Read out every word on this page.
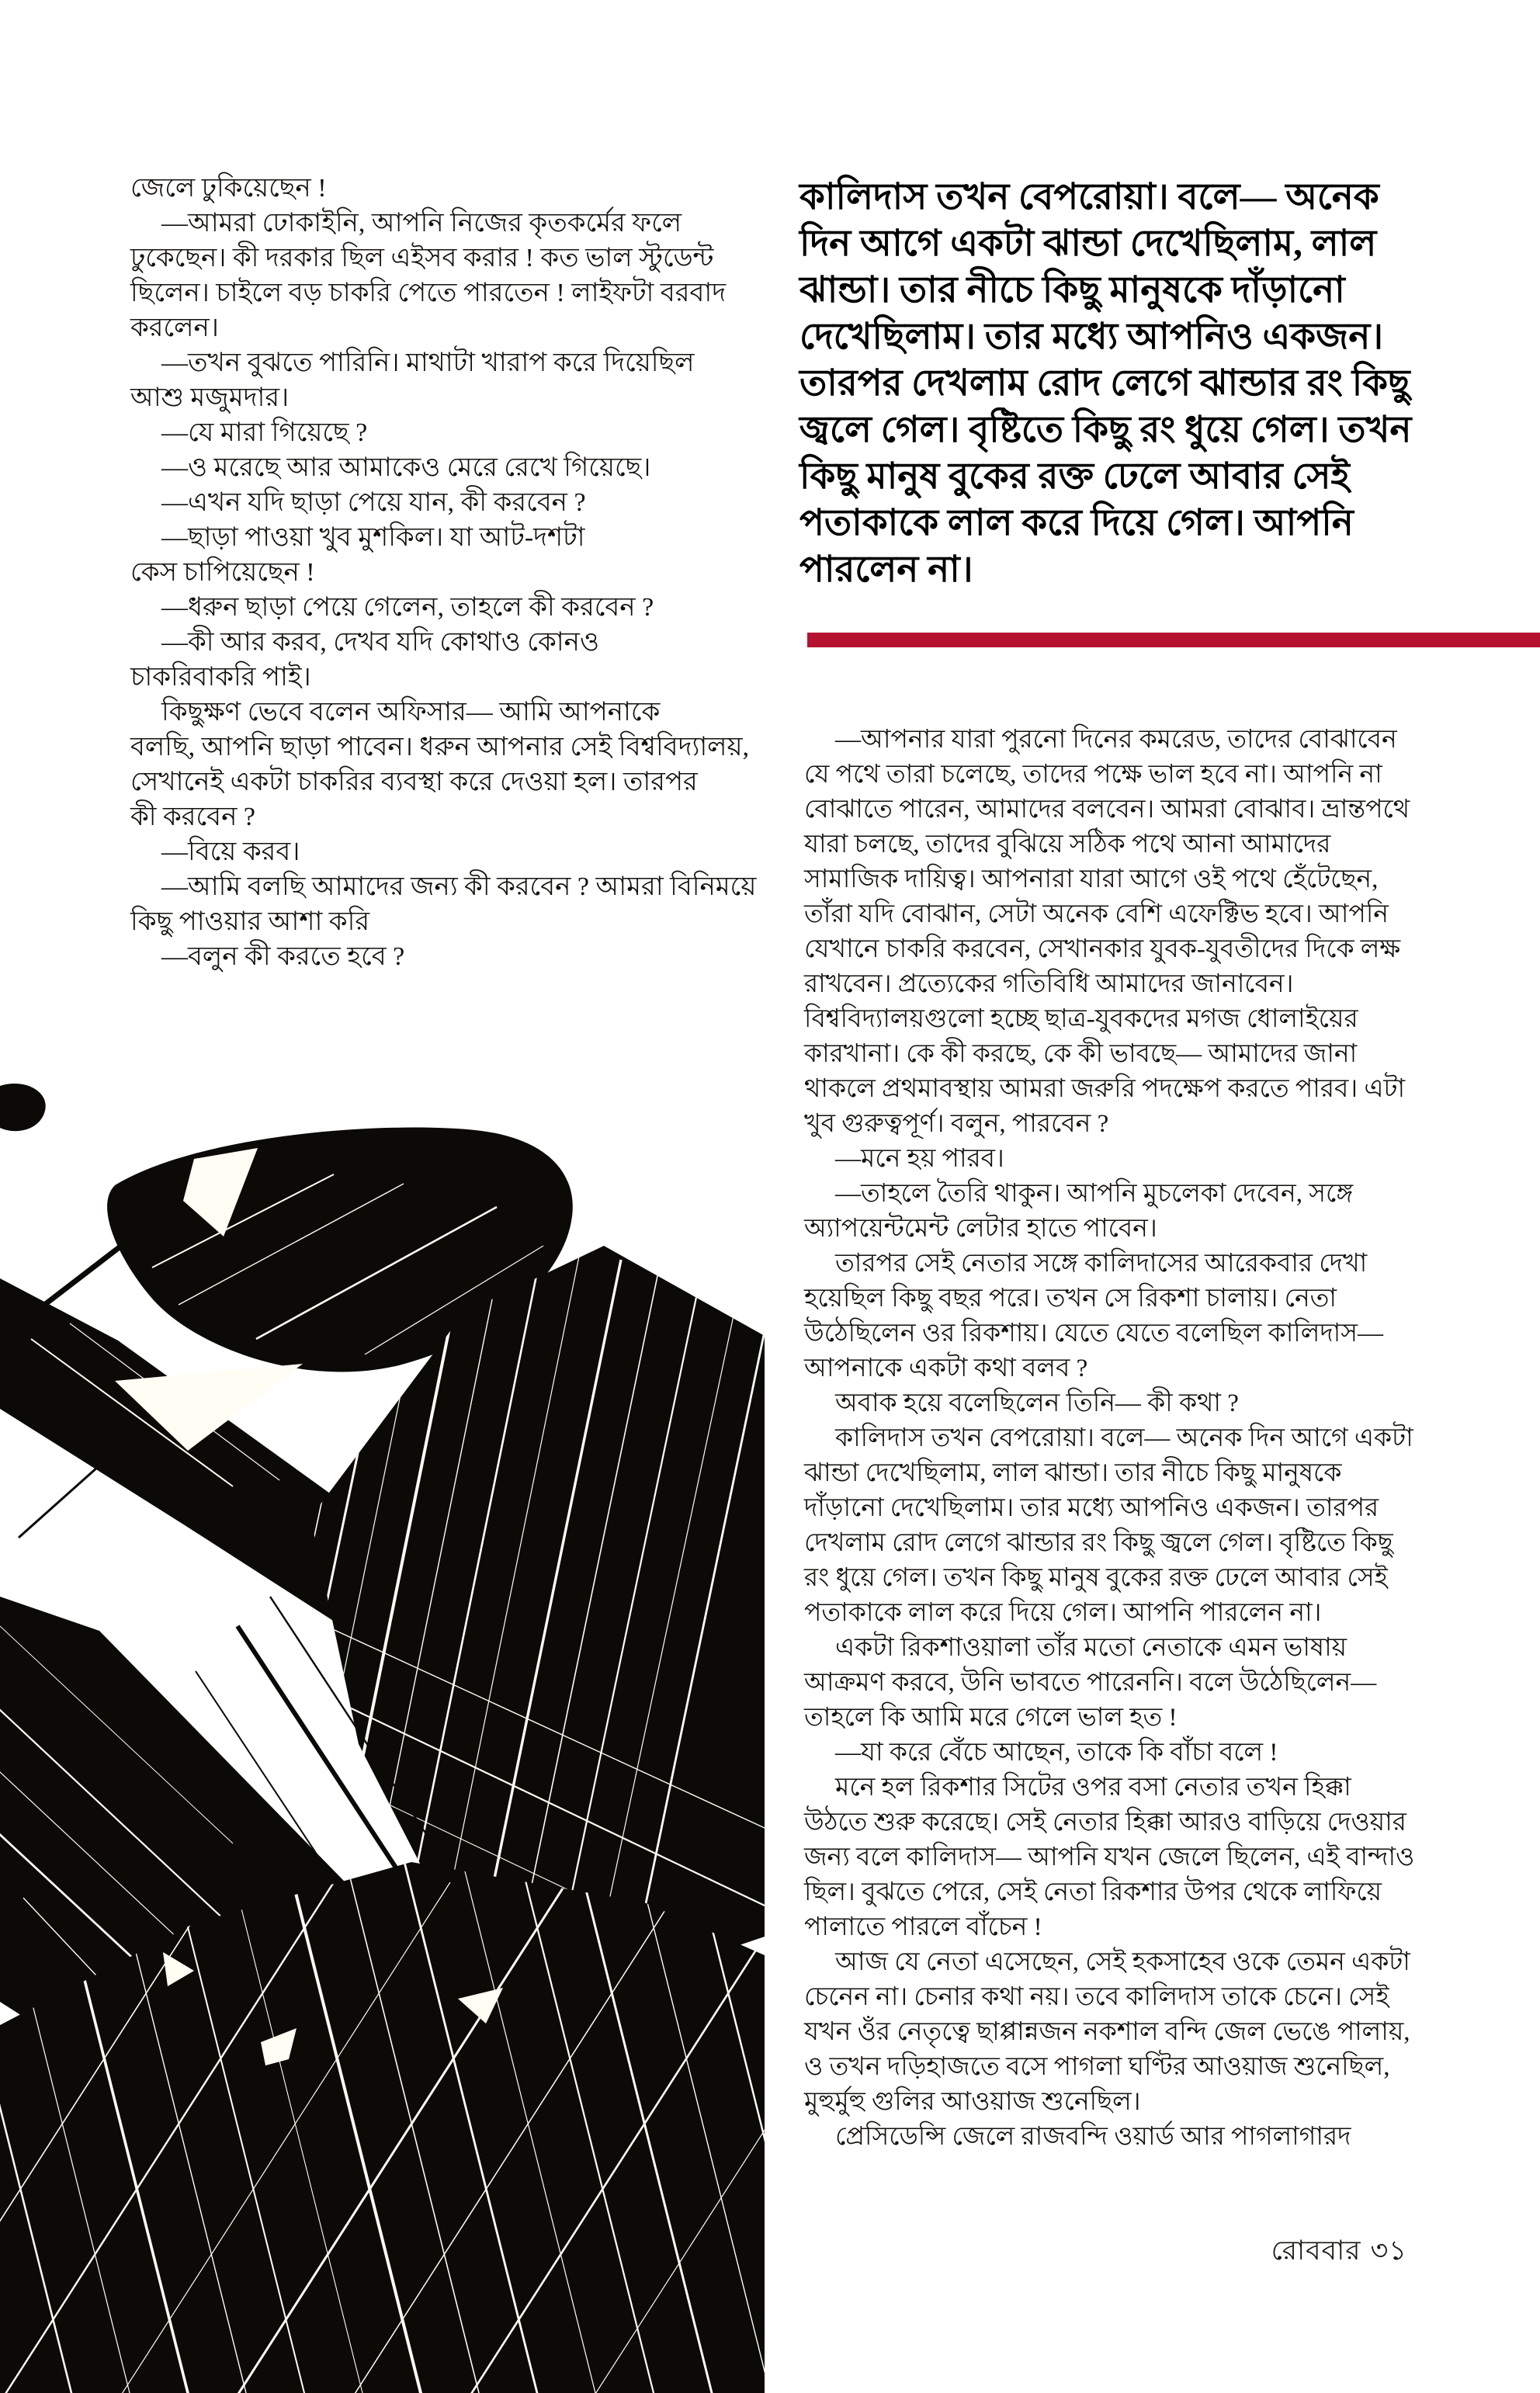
জেলে ঢুকিয়েছেন !

—আমরা ঢোকাইনি, আপনি নিজের কৃতকর্মের ফলে

ঢুকেছেন। কী দরকার ছিল এইসব করার ! কত ভাল স্টুডেন্ট

ছিলেন। চাইলে বড় চাকরি পেতে পারতেন ! লাইফটা বরবাদ

করলেন।

—তখন বুঝতে পারিনি। মাথাটা খারাপ করে দিয়েছিল

আশু মজুমদার।

—যে মারা গিয়েছে ?

—ও মরেছে আর আমাকেও মেরে রেখে গিয়েছে।

—এখন যদি ছাড়া পেয়ে যান, কী করবেন ?

—ছাড়া পাওয়া খুব মুশকিল। যা আট-দশটা

কেস চাপিয়েছেন !

—ধরুন ছাড়া পেয়ে গেলেন, তাহলে কী করবেন ?

—কী আর করব, দেখব যদি কোথাও কোনও

চাকরিবাকরি পাই।

কিছুক্ষণ ভেবে বলেন অফিসার— আমি আপনাকে

বলছি, আপনি ছাড়া পাবেন। ধরুন আপনার সেই বিশ্ববিদ্যালয়,

সেখানেই একটা চাকরির ব্যবস্থা করে দেওয়া হল। তারপর

কী করবেন ?

—বিয়ে করব।

—আমি বলছি আমাদের জন্য কী করবেন ? আমরা বিনিময়ে

কিছু পাওয়ার আশা করি

—বলুন কী করতে হবে ?

কালিদাস তখন বেপরোয়া। বলে— অনেক

দিন আগে একটা ঝান্ডা দেখেছিলাম, লাল

ঝান্ডা। তার নীচে কিছু মানুষকে দাঁড়ানো

দেখেছিলাম। তার মধ্যে আপনিও একজন।

তারপর দেখলাম রোদ লেগে ঝান্ডার রং কিছু

জ্বলে গেল। বৃষ্টিতে কিছু রং ধুয়ে গেল। তখন

কিছু মানুষ বুকের রক্ত ঢেলে আবার সেই

পতাকাকে লাল করে দিয়ে গেল। আপনি

পারলেন না।

—আপনার যারা পুরনো দিনের কমরেড, তাদের বোঝাবেন

যে পথে তারা চলেছে, তাদের পক্ষে ভাল হবে না। আপনি না

বোঝাতে পারেন, আমাদের বলবেন। আমরা বোঝাব। ভ্রান্তপথে

যারা চলছে, তাদের বুঝিয়ে সঠিক পথে আনা আমাদের

সামাজিক দায়িত্ব। আপনারা যারা আগে ওই পথে হেঁটেছেন,

তাঁরা যদি বোঝান, সেটা অনেক বেশি এফেক্টিভ হবে। আপনি

যেখানে চাকরি করবেন, সেখানকার যুবক-যুবতীদের দিকে লক্ষ

রাখবেন। প্রত্যেকের গতিবিধি আমাদের জানাবেন।

বিশ্ববিদ্যালয়গুলো হচ্ছে ছাত্র-যুবকদের মগজ ধোলাইয়ের

কারখানা। কে কী করছে, কে কী ভাবছে— আমাদের জানা

থাকলে প্রথমাবস্থায় আমরা জরুরি পদক্ষেপ করতে পারব। এটা

খুব গুরুত্বপূর্ণ। বলুন, পারবেন ?

—মনে হয় পারব।

—তাহলে তৈরি থাকুন। আপনি মুচলেকা দেবেন, সঙ্গে

অ্যাপয়েন্টমেন্ট লেটার হাতে পাবেন।

তারপর সেই নেতার সঙ্গে কালিদাসের আরেকবার দেখা

হয়েছিল কিছু বছর পরে। তখন সে রিকশা চালায়। নেতা

উঠেছিলেন ওর রিকশায়। যেতে যেতে বলেছিল কালিদাস—

আপনাকে একটা কথা বলব ?

অবাক হয়ে বলেছিলেন তিনি— কী কথা ?

কালিদাস তখন বেপরোয়া। বলে— অনেক দিন আগে একটা

ঝান্ডা দেখেছিলাম, লাল ঝান্ডা। তার নীচে কিছু মানুষকে

দাঁড়ানো দেখেছিলাম। তার মধ্যে আপনিও একজন। তারপর

দেখলাম রোদ লেগে ঝান্ডার রং কিছু জ্বলে গেল। বৃষ্টিতে কিছু

রং ধুয়ে গেল। তখন কিছু মানুষ বুকের রক্ত ঢেলে আবার সেই

পতাকাকে লাল করে দিয়ে গেল। আপনি পারলেন না।

একটা রিকশাওয়ালা তাঁর মতো নেতাকে এমন ভাষায়

আক্রমণ করবে, উনি ভাবতে পারেননি। বলে উঠেছিলেন—

তাহলে কি আমি মরে গেলে ভাল হত !

—যা করে বেঁচে আছেন, তাকে কি বাঁচা বলে !

মনে হল রিকশার সিটের ওপর বসা নেতার তখন হিক্কা

উঠতে শুরু করেছে। সেই নেতার হিক্কা আরও বাড়িয়ে দেওয়ার

জন্য বলে কালিদাস— আপনি যখন জেলে ছিলেন, এই বান্দাও

ছিল। বুঝতে পেরে, সেই নেতা রিকশার উপর থেকে লাফিয়ে

পালাতে পারলে বাঁচেন !

আজ যে নেতা এসেছেন, সেই হকসাহেব ওকে তেমন একটা

চেনেন না। চেনার কথা নয়। তবে কালিদাস তাকে চেনে। সেই

যখন ওঁর নেতৃত্বে ছাপ্পান্নজন নকশাল বন্দি জেল ভেঙে পালায়,

ও তখন দড়িহাজতে বসে পাগলা ঘণ্টির আওয়াজ শুনেছিল,

মুহুর্মুহু গুলির আওয়াজ শুনেছিল।

প্রেসিডেন্সি জেলে রাজবন্দি ওয়ার্ড আর পাগলাগারদ

রোববার ৩১
